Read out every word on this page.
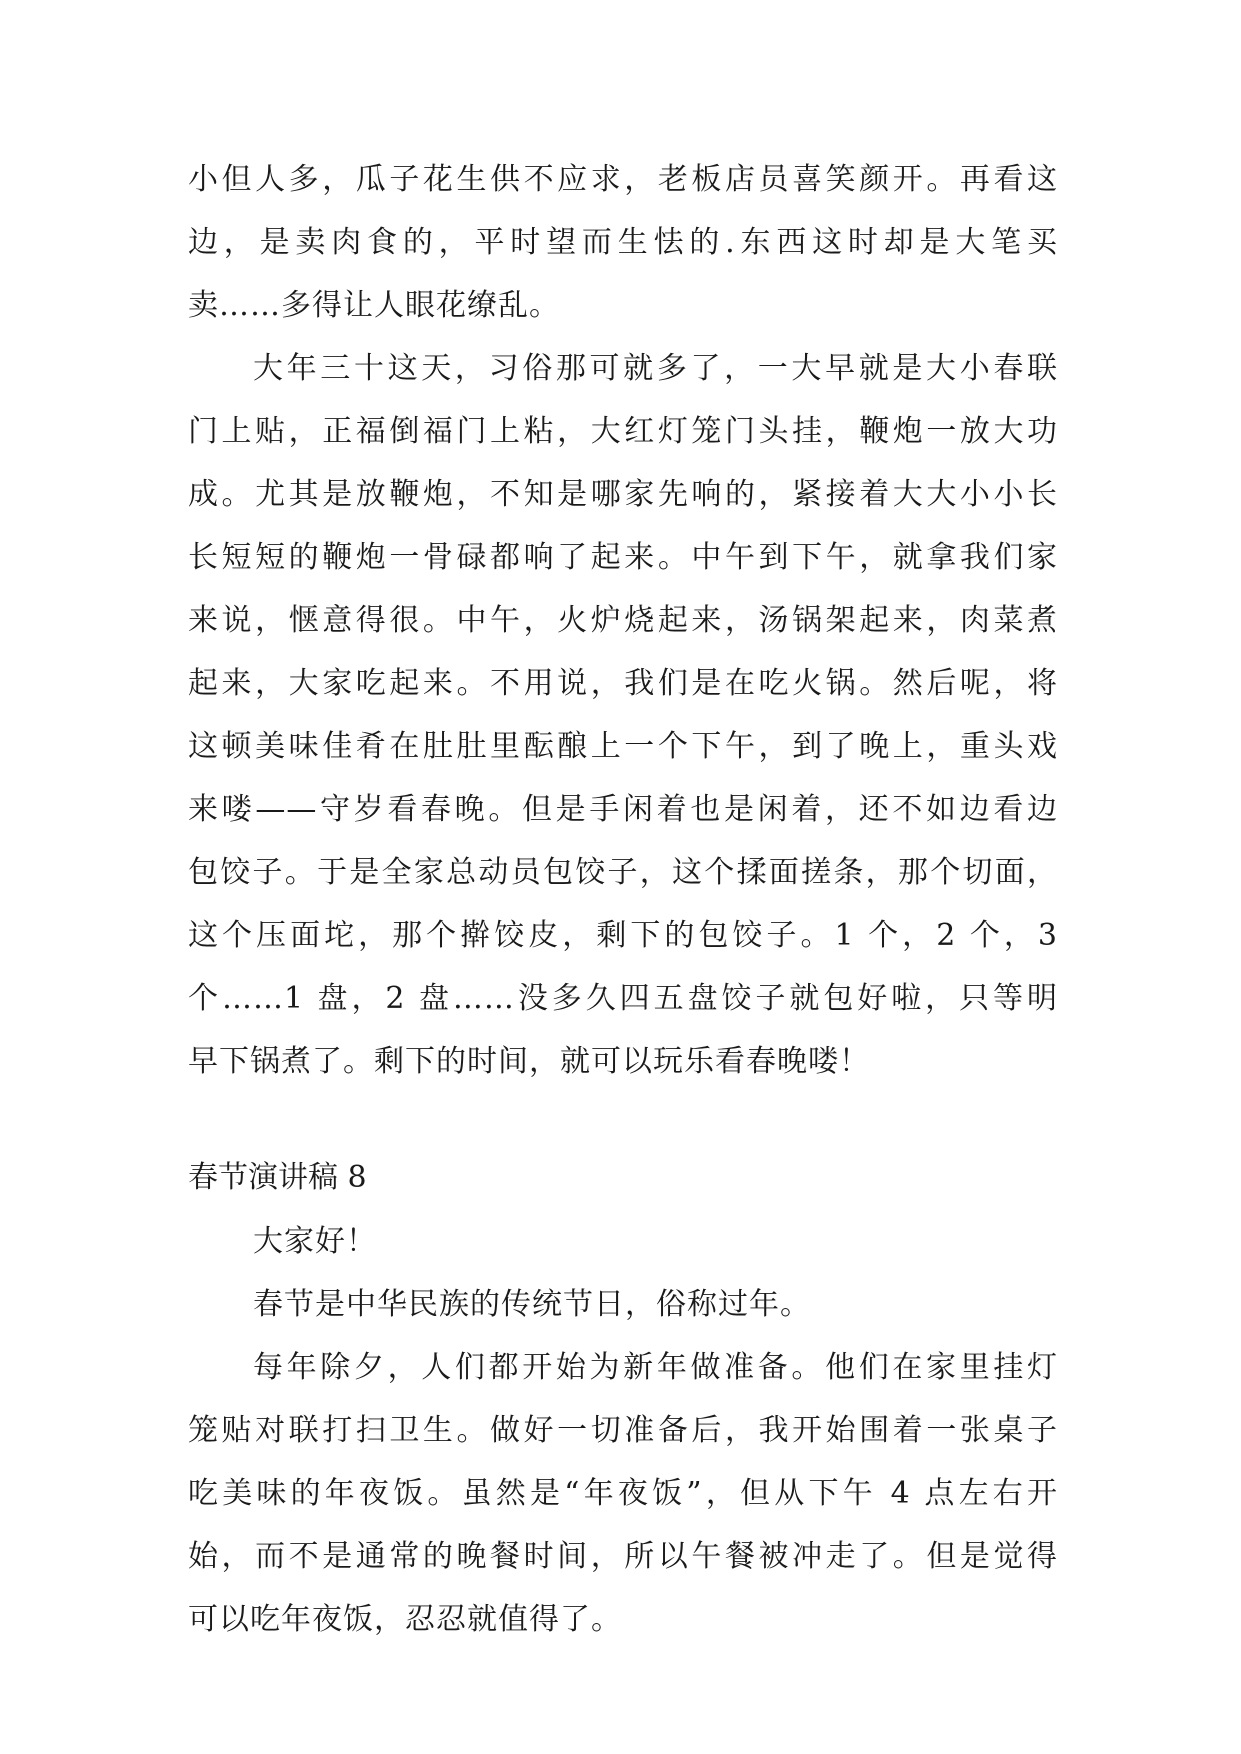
小但人多，瓜子花生供不应求，老板店员喜笑颜开。再看这

边，是卖肉食的，平时望而生怯的.东西这时却是大笔买

卖……多得让人眼花缭乱。

大年三十这天，习俗那可就多了，一大早就是大小春联

门上贴，正福倒福门上粘，大红灯笼门头挂，鞭炮一放大功

成。尤其是放鞭炮，不知是哪家先响的，紧接着大大小小长

长短短的鞭炮一骨碌都响了起来。中午到下午，就拿我们家

来说，惬意得很。中午，火炉烧起来，汤锅架起来，肉菜煮

起来，大家吃起来。不用说，我们是在吃火锅。然后呢，将

这顿美味佳肴在肚肚里酝酿上一个下午，到了晚上，重头戏

来喽——守岁看春晚。但是手闲着也是闲着，还不如边看边

包饺子。于是全家总动员包饺子，这个揉面搓条，那个切面，

这个压面坨，那个擀饺皮，剩下的包饺子。1 个，2 个，3

个……1 盘，2 盘……没多久四五盘饺子就包好啦，只等明

早下锅煮了。剩下的时间，就可以玩乐看春晚喽！

春节演讲稿 8

大家好！

春节是中华民族的传统节日，俗称过年。

每年除夕，人们都开始为新年做准备。他们在家里挂灯

笼贴对联打扫卫生。做好一切准备后，我开始围着一张桌子

吃美味的年夜饭。虽然是“年夜饭”，但从下午 4 点左右开

始，而不是通常的晚餐时间，所以午餐被冲走了。但是觉得

可以吃年夜饭，忍忍就值得了。
